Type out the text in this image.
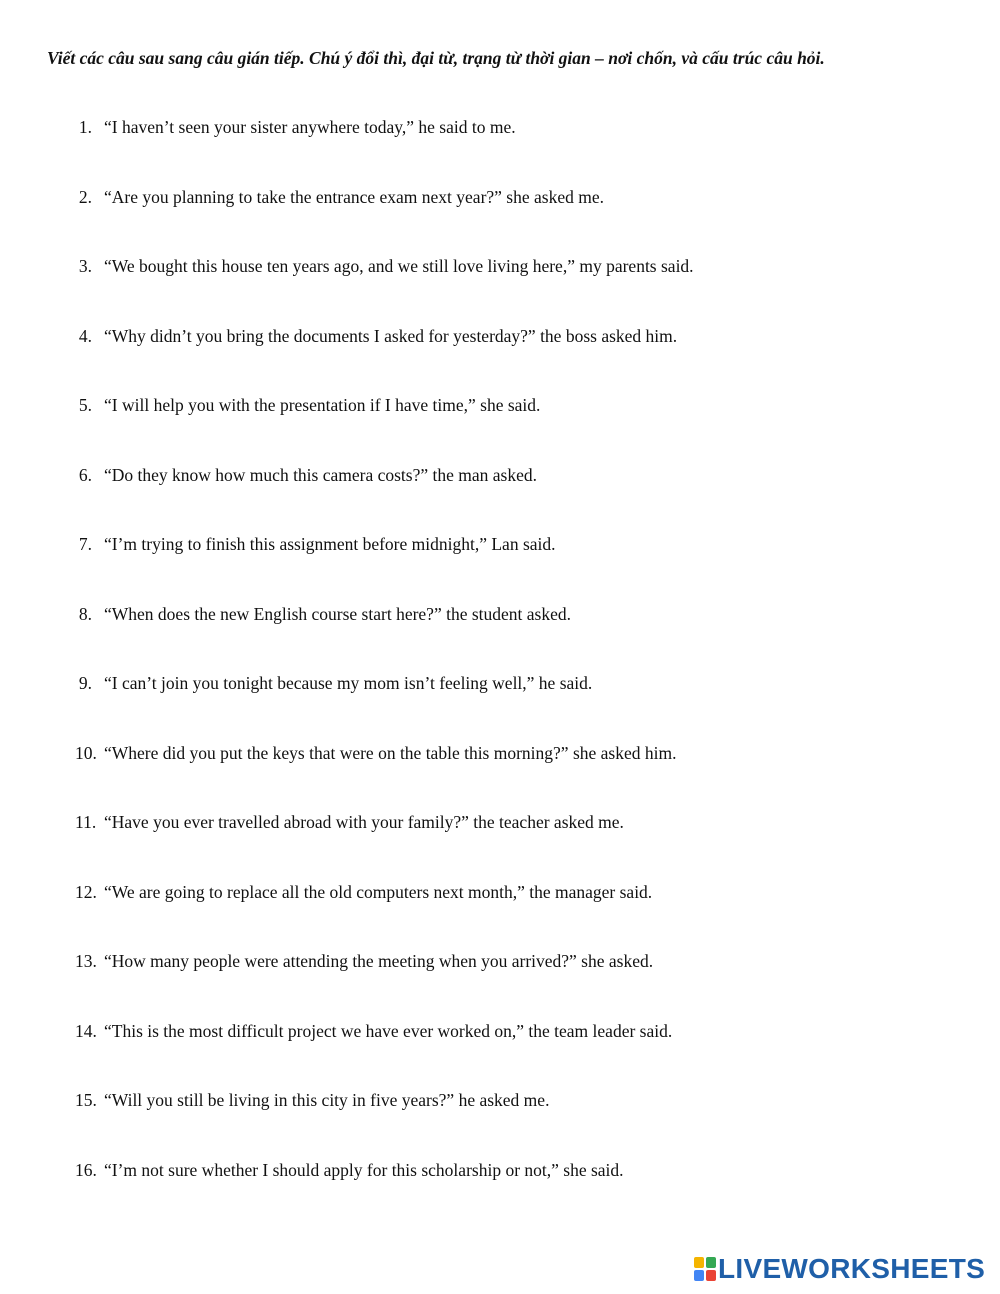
Viết các câu sau sang câu gián tiếp. Chú ý đổi thì, đại từ, trạng từ thời gian – nơi chốn, và cấu trúc câu hỏi.
1. “I haven’t seen your sister anywhere today,” he said to me.
2. “Are you planning to take the entrance exam next year?” she asked me.
3. “We bought this house ten years ago, and we still love living here,” my parents said.
4. “Why didn’t you bring the documents I asked for yesterday?” the boss asked him.
5. “I will help you with the presentation if I have time,” she said.
6. “Do they know how much this camera costs?” the man asked.
7. “I’m trying to finish this assignment before midnight,” Lan said.
8. “When does the new English course start here?” the student asked.
9. “I can’t join you tonight because my mom isn’t feeling well,” he said.
10. “Where did you put the keys that were on the table this morning?” she asked him.
11. “Have you ever travelled abroad with your family?” the teacher asked me.
12. “We are going to replace all the old computers next month,” the manager said.
13. “How many people were attending the meeting when you arrived?” she asked.
14. “This is the most difficult project we have ever worked on,” the team leader said.
15. “Will you still be living in this city in five years?” he asked me.
16. “I’m not sure whether I should apply for this scholarship or not,” she said.
LIVEWORKSHEETS
